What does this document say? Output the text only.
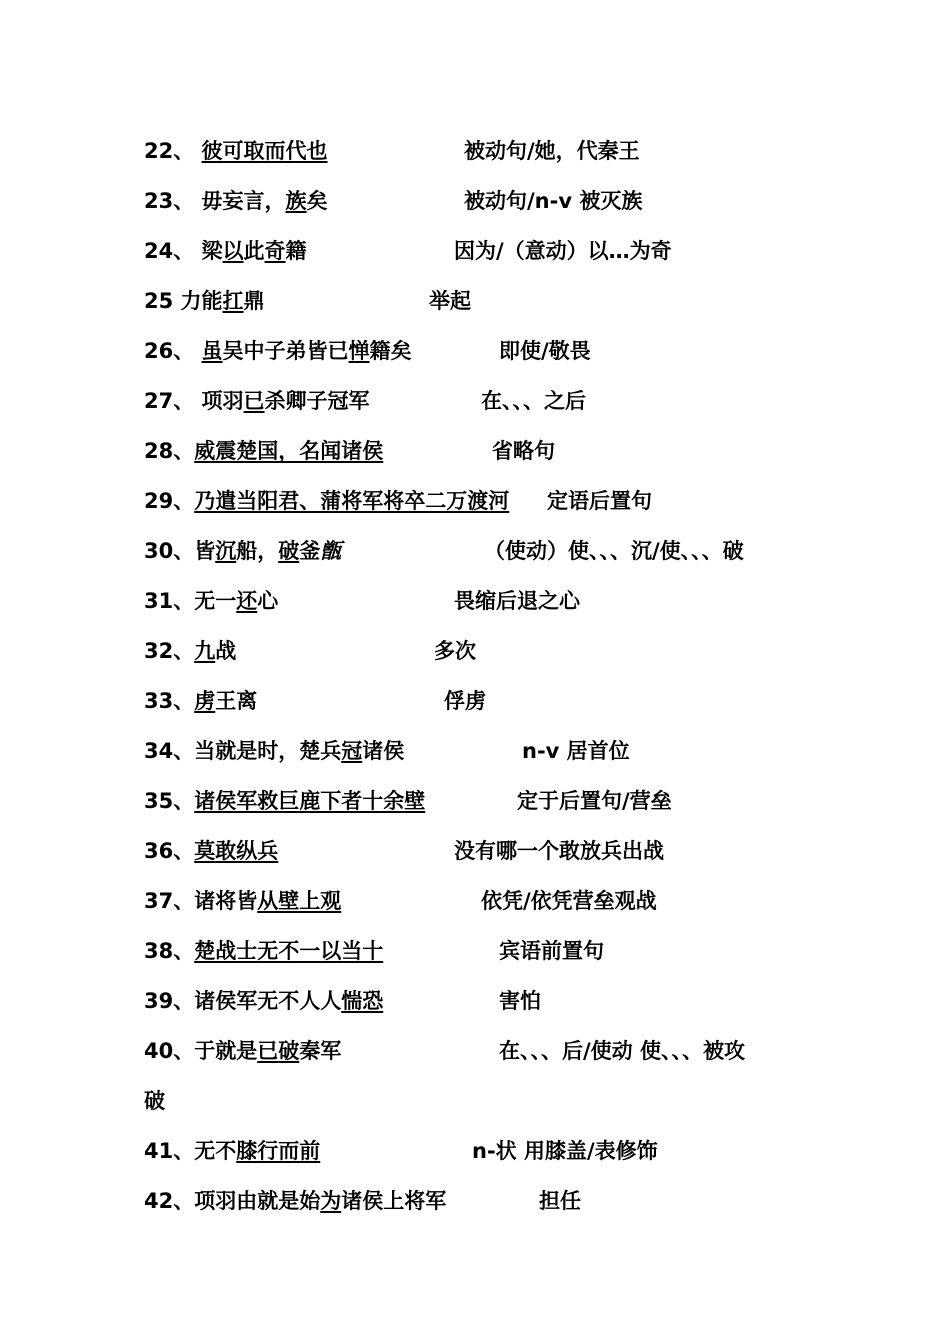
22、 彼可取而代也	被动句/她，代秦王
23、 毋妄言，族矣	被动句/n-v 被灭族
24、 梁以此奇籍	因为/（意动）以…为奇
25 力能扛鼎	举起
26、 虽吴中子弟皆已惮籍矣	即使/敬畏
27、 项羽已杀卿子冠军	在、、、之后
28、威震楚国，名闻诸侯	省略句
29、乃遣当阳君、蒲将军将卒二万渡河 定语后置句
30、皆沉船，破釜甑	（使动）使、、、沉/使、、、破
31、无一还心	畏缩后退之心
32、九战	多次
33、虏王离	俘虏
34、当就是时，楚兵冠诸侯	n-v 居首位
35、诸侯军救巨鹿下者十余壁	定于后置句/营垒
36、莫敢纵兵	没有哪一个敢放兵出战
37、诸将皆从壁上观	依凭/依凭营垒观战
38、楚战士无不一以当十	宾语前置句
39、诸侯军无不人人惴恐	害怕
40、于就是已破秦军	在、、、后/使动 使、、、被攻
破
41、无不膝行而前	n-状 用膝盖/表修饰
42、项羽由就是始为诸侯上将军	担任
